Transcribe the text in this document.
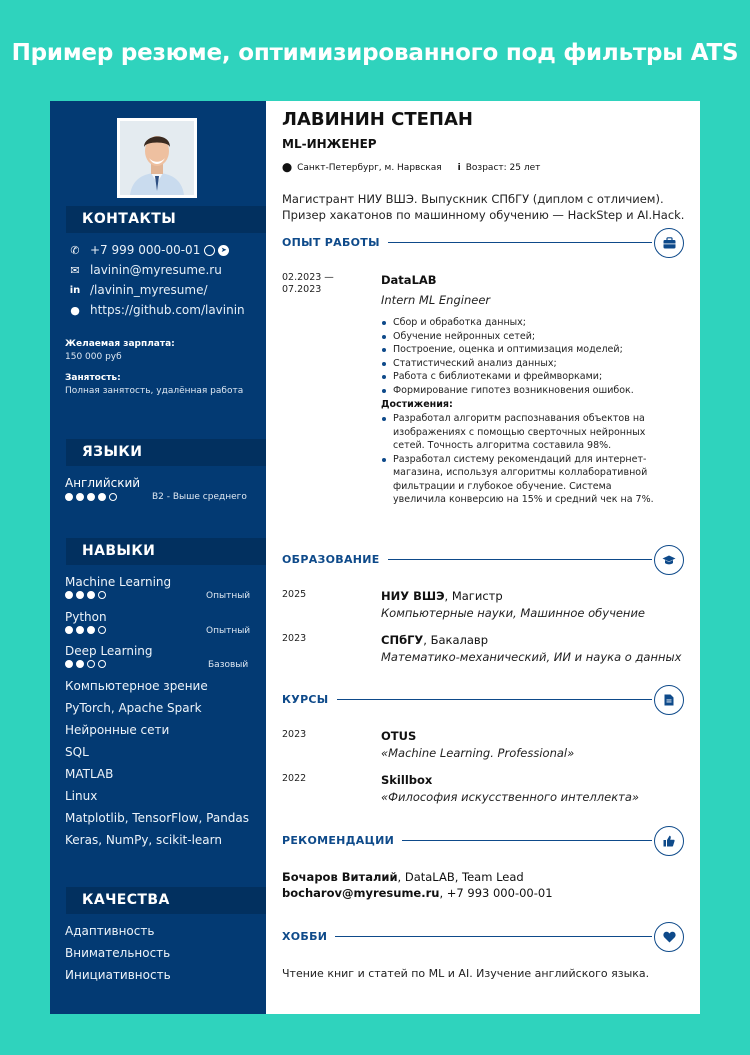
Пример резюме, оптимизированного под фильтры ATS
КОНТАКТЫ
✆ +7 999 000-00-01	➤
✉ lavinin@myresume.ru
in /lavinin_myresume/
● https://github.com/lavinin
Желаемая зарплата:
150 000 руб
Занятость:
Полная занятость, удалённая работа
ЯЗЫКИ
Английский
B2 - Выше среднего
НАВЫКИ
Machine Learning
Опытный
Python
Опытный
Deep Learning
Базовый
Компьютерное зрение
PyTorch, Apache Spark
Нейронные сети
SQL
MATLAB
Linux
Matplotlib, TensorFlow, Pandas
Keras, NumPy, scikit-learn
КАЧЕСТВА
Адаптивность
Внимательность
Инициативность
ЛАВИНИН СТЕПАН
ML-ИНЖЕНЕР
⬤ Санкт-Петербург, м. Нарвская i Возраст: 25 лет
Магистрант НИУ ВШЭ. Выпускник СПбГУ (диплом с отличием). Призер хакатонов по машинному обучению — HackStep и AI.Hack.
ОПЫТ РАБОТЫ
02.2023 —
07.2023
DataLAB
Intern ML Engineer
Сбор и обработка данных;
Обучение нейронных сетей;
Построение, оценка и оптимизация моделей;
Статистический анализ данных;
Работа с библиотеками и фреймворками;
Формирование гипотез возникновения ошибок.
Достижения:
Разработал алгоритм распознавания объектов на изображениях с помощью сверточных нейронных сетей. Точность алгоритма составила 98%.
Разработал систему рекомендаций для интернет-магазина, используя алгоритмы коллаборативной фильтрации и глубокое обучение. Система увеличила конверсию на 15% и средний чек на 7%.
ОБРАЗОВАНИЕ
2025	НИУ ВШЭ, Магистр
Компьютерные науки, Машинное обучение
2023	СПбГУ, Бакалавр
Математико-механический, ИИ и наука о данных
КУРСЫ
2023	OTUS
«Machine Learning. Professional»
2022	Skillbox
«Философия искусственного интеллекта»
РЕКОМЕНДАЦИИ
Бочаров Виталий, DataLAB, Team Lead
bocharov@myresume.ru, +7 993 000-00-01
ХОББИ
Чтение книг и статей по ML и AI. Изучение английского языка.
